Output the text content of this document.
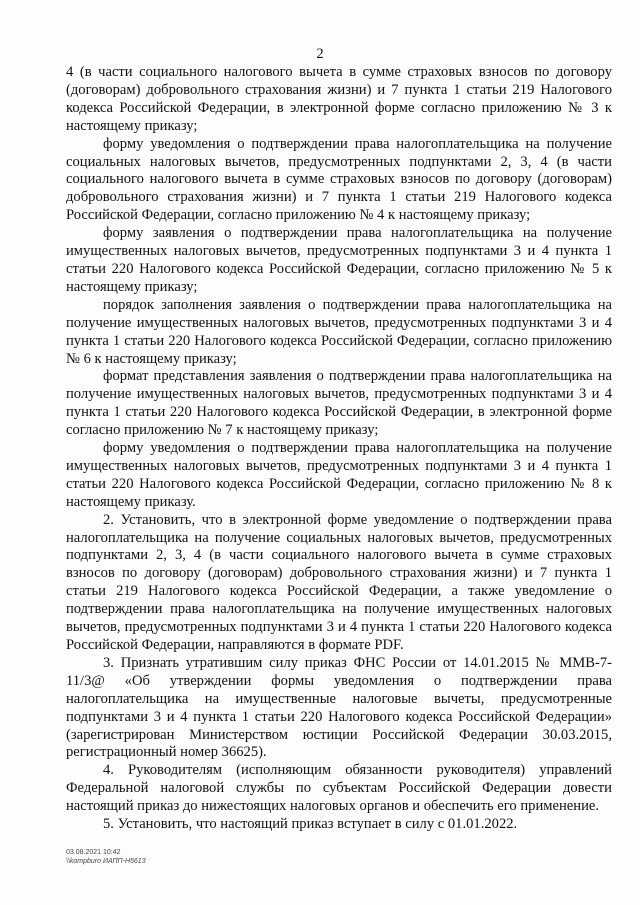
2

4 (в части социального налогового вычета в сумме страховых взносов по договору (договорам) добровольного страхования жизни) и 7 пункта 1 статьи 219 Налогового кодекса Российской Федерации, в электронной форме согласно приложению № 3 к настоящему приказу;

форму уведомления о подтверждении права налогоплательщика на получение социальных налоговых вычетов, предусмотренных подпунктами 2, 3, 4 (в части социального налогового вычета в сумме страховых взносов по договору (договорам) добровольного страхования жизни) и 7 пункта 1 статьи 219 Налогового кодекса Российской Федерации, согласно приложению № 4 к настоящему приказу;

форму заявления о подтверждении права налогоплательщика на получение имущественных налоговых вычетов, предусмотренных подпунктами 3 и 4 пункта 1 статьи 220 Налогового кодекса Российской Федерации, согласно приложению № 5 к настоящему приказу;

порядок заполнения заявления о подтверждении права налогоплательщика на получение имущественных налоговых вычетов, предусмотренных подпунктами 3 и 4 пункта 1 статьи 220 Налогового кодекса Российской Федерации, согласно приложению № 6 к настоящему приказу;

формат представления заявления о подтверждении права налогоплательщика на получение имущественных налоговых вычетов, предусмотренных подпунктами 3 и 4 пункта 1 статьи 220 Налогового кодекса Российской Федерации, в электронной форме согласно приложению № 7 к настоящему приказу;

форму уведомления о подтверждении права налогоплательщика на получение имущественных налоговых вычетов, предусмотренных подпунктами 3 и 4 пункта 1 статьи 220 Налогового кодекса Российской Федерации, согласно приложению № 8 к настоящему приказу.

2. Установить, что в электронной форме уведомление о подтверждении права налогоплательщика на получение социальных налоговых вычетов, предусмотренных подпунктами 2, 3, 4 (в части социального налогового вычета в сумме страховых взносов по договору (договорам) добровольного страхования жизни) и 7 пункта 1 статьи 219 Налогового кодекса Российской Федерации, а также уведомление о подтверждении права налогоплательщика на получение имущественных налоговых вычетов, предусмотренных подпунктами 3 и 4 пункта 1 статьи 220 Налогового кодекса Российской Федерации, направляются в формате PDF.

3. Признать утратившим силу приказ ФНС России от 14.01.2015 № ММВ-7-11/3@ «Об утверждении формы уведомления о подтверждении права налогоплательщика на имущественные налоговые вычеты, предусмотренные подпунктами 3 и 4 пункта 1 статьи 220 Налогового кодекса Российской Федерации» (зарегистрирован Министерством юстиции Российской Федерации 30.03.2015, регистрационный номер 36625).

4. Руководителям (исполняющим обязанности руководителя) управлений Федеральной налоговой службы по субъектам Российской Федерации довести настоящий приказ до нижестоящих налоговых органов и обеспечить его применение.

5. Установить, что настоящий приказ вступает в силу с 01.01.2022.

03.08.2021 10:42
\\kompburo ИАПП-Н5613
